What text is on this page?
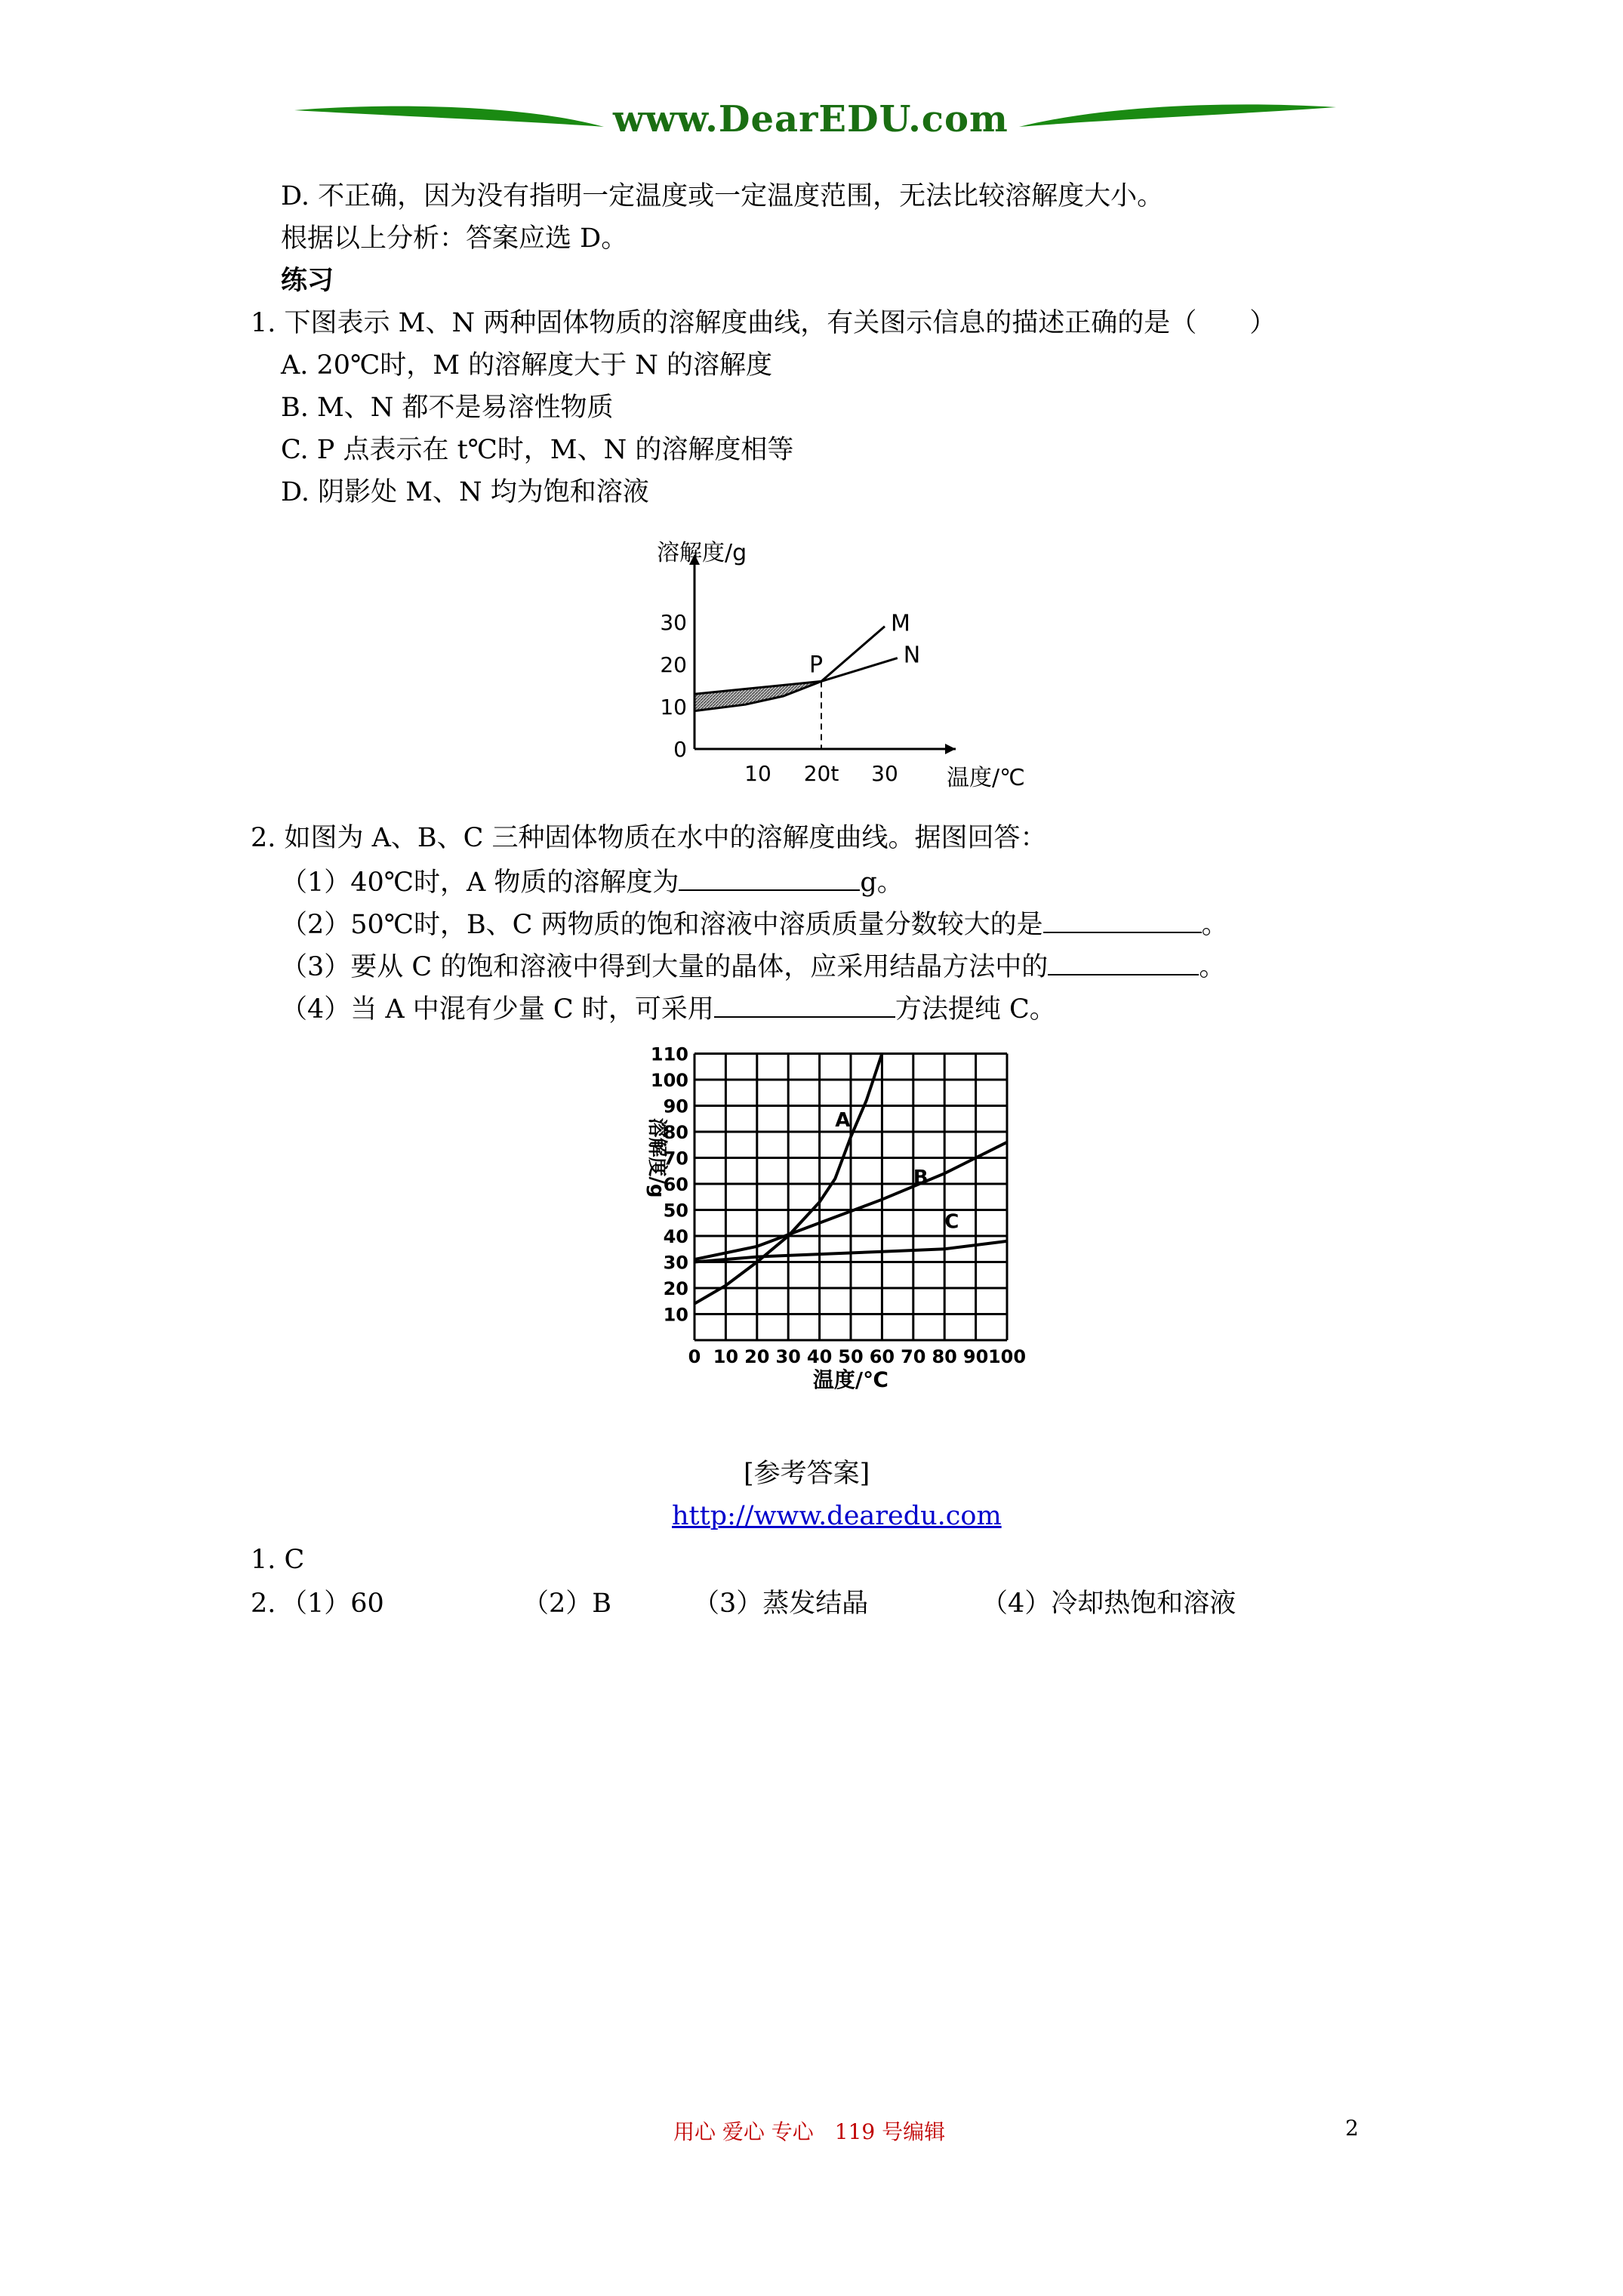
www.DearEDU.com
D. 不正确，因为没有指明一定温度或一定温度范围，无法比较溶解度大小。
根据以上分析：答案应选 D。
练习
1. 下图表示 M、N 两种固体物质的溶解度曲线，有关图示信息的描述正确的是（　　）
A. 20℃时，M 的溶解度大于 N 的溶解度
B. M、N 都不是易溶性物质
C. P 点表示在 t℃时，M、N 的溶解度相等
D. 阴影处 M、N 均为饱和溶液
溶解度/g
温度/℃
10 20t 30
0
10
20
30	M
N
P
2. 如图为 A、B、C 三种固体物质在水中的溶解度曲线。据图回答：
（1）40℃时，A 物质的溶解度为	g。
（2）50℃时，B、C 两物质的饱和溶液中溶质质量分数较大的是	。
（3）要从 C 的饱和溶液中得到大量的晶体，应采用结晶方法中的	。
（4）当 A 中混有少量 C 时，可采用	方法提纯 C。
0 10 20 30 40 50 60 70 80 90 100
10
20
30
40
50
60
70
80
90
100
110
温度/℃
溶解度/g	A
B
C
[参考答案]
http://www.dearedu.com
1. C
2. （1）60	（2）B	（3）蒸发结晶	（4）冷却热饱和溶液
用心 爱心 专心　119 号编辑	2
